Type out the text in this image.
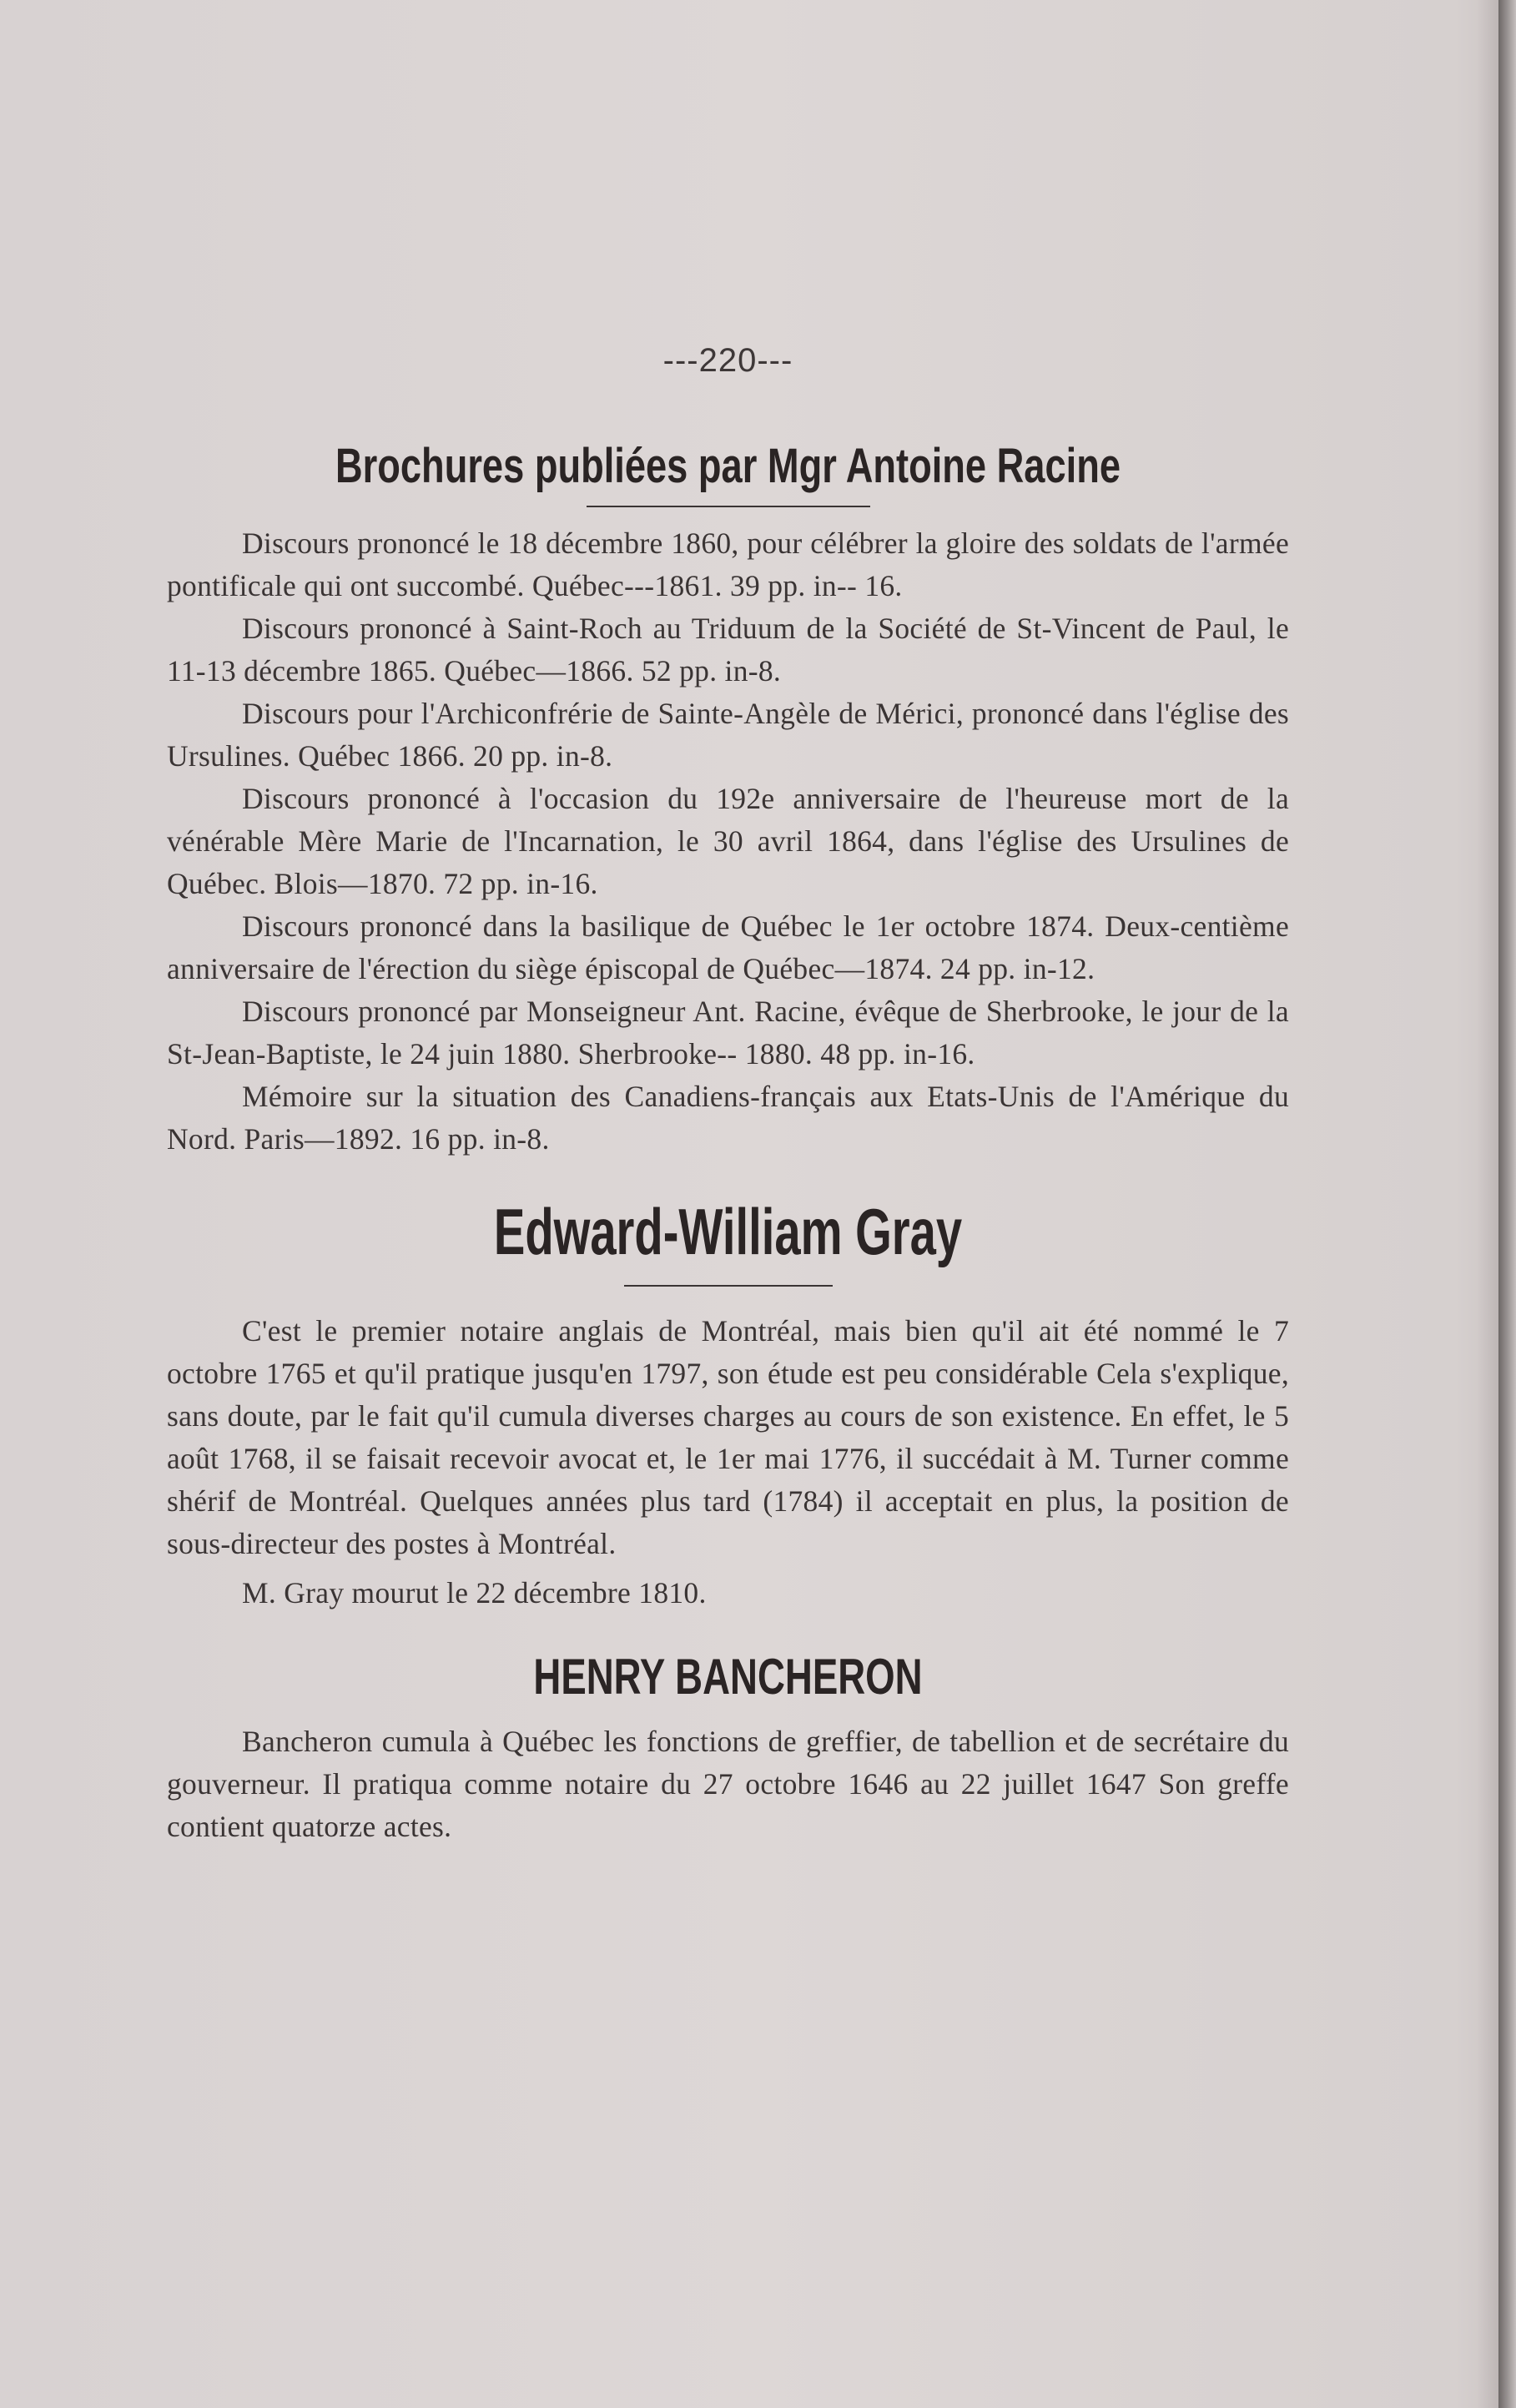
---220---
Brochures publiées par Mgr Antoine Racine

Discours prononcé le 18 décembre 1860, pour célébrer la gloire des soldats de l'armée pontificale qui ont succombé. Québec---1861. 39 pp. in-- 16.

Discours prononcé à Saint-Roch au Triduum de la Société de St-Vincent de Paul, le 11-13 décembre 1865. Québec—1866. 52 pp. in-8.

Discours pour l'Archiconfrérie de Sainte-Angèle de Mérici, prononcé dans l'église des Ursulines. Québec 1866. 20 pp. in-8.

Discours prononcé à l'occasion du 192e anniversaire de l'heureuse mort de la vénérable Mère Marie de l'Incarnation, le 30 avril 1864, dans l'église des Ursulines de Québec. Blois—1870. 72 pp. in-16.

Discours prononcé dans la basilique de Québec le 1er octobre 1874. Deux-centième anniversaire de l'érection du siège épiscopal de Québec—1874. 24 pp. in-12.

Discours prononcé par Monseigneur Ant. Racine, évêque de Sherbrooke, le jour de la St-Jean-Baptiste, le 24 juin 1880. Sherbrooke-- 1880. 48 pp. in-16.

Mémoire sur la situation des Canadiens-français aux Etats-Unis de l'Amérique du Nord. Paris—1892. 16 pp. in-8.

Edward-William Gray

C'est le premier notaire anglais de Montréal, mais bien qu'il ait été nommé le 7 octobre 1765 et qu'il pratique jusqu'en 1797, son étude est peu considérable Cela s'explique, sans doute, par le fait qu'il cumula diverses charges au cours de son existence. En effet, le 5 août 1768, il se faisait recevoir avocat et, le 1er mai 1776, il succédait à M. Turner comme shérif de Montréal. Quelques années plus tard (1784) il acceptait en plus, la position de sous-directeur des postes à Montréal.

M. Gray mourut le 22 décembre 1810.

HENRY BANCHERON

Bancheron cumula à Québec les fonctions de greffier, de tabellion et de secrétaire du gouverneur. Il pratiqua comme notaire du 27 octobre 1646 au 22 juillet 1647 Son greffe contient quatorze actes.
